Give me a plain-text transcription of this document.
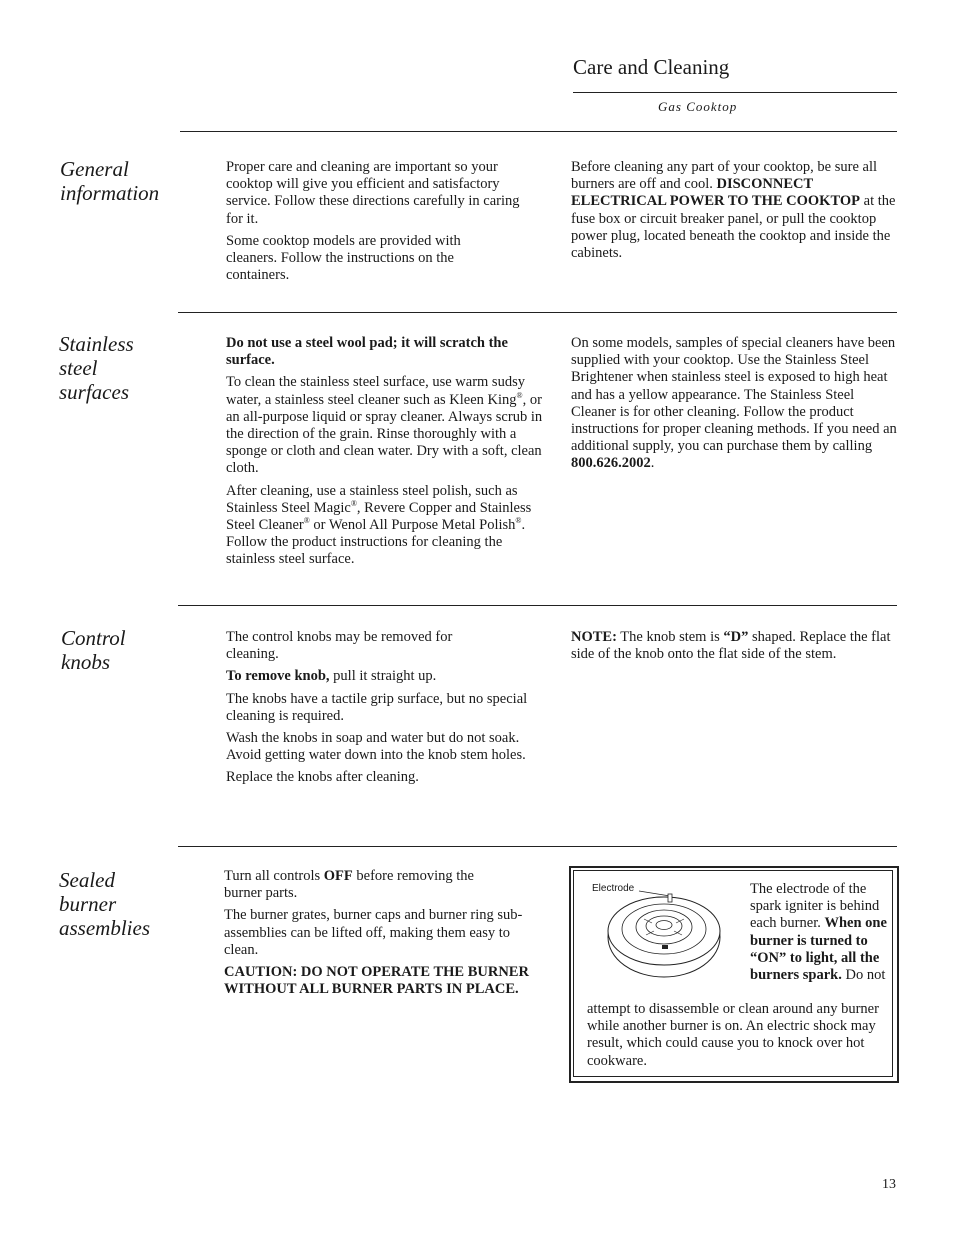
Care and Cleaning
Gas Cooktop
General
information

Proper care and cleaning are important so your cooktop will give you efficient and satisfactory service. Follow these directions carefully in caring for it.

Some cooktop models are provided with cleaners. Follow the instructions on the containers.

Before cleaning any part of your cooktop, be sure all burners are off and cool. DISCONNECT ELECTRICAL POWER TO THE COOKTOP at the fuse box or circuit breaker panel, or pull the cooktop power plug, located beneath the cooktop and inside the cabinets.

Stainless
steel
surfaces

Do not use a steel wool pad; it will scratch the surface.

To clean the stainless steel surface, use warm sudsy water, a stainless steel cleaner such as Kleen King®, or an all-purpose liquid or spray cleaner. Always scrub in the direction of the grain. Rinse thoroughly with a sponge or cloth and clean water. Dry with a soft, clean cloth.

After cleaning, use a stainless steel polish, such as Stainless Steel Magic®, Revere Copper and Stainless Steel Cleaner® or Wenol All Purpose Metal Polish®. Follow the product instructions for cleaning the stainless steel surface.

On some models, samples of special cleaners have been supplied with your cooktop. Use the Stainless Steel Brightener when stainless steel is exposed to high heat and has a yellow appearance. The Stainless Steel Cleaner is for other cleaning. Follow the product instructions for proper cleaning methods. If you need an additional supply, you can purchase them by calling 800.626.2002.

Control
knobs

The control knobs may be removed for cleaning.

To remove knob, pull it straight up.

The knobs have a tactile grip surface, but no special cleaning is required.

Wash the knobs in soap and water but do not soak. Avoid getting water down into the knob stem holes.

Replace the knobs after cleaning.

NOTE: The knob stem is “D” shaped. Replace the flat side of the knob onto the flat side of the stem.

Sealed
burner
assemblies

Turn all controls OFF before removing the burner parts.

The burner grates, burner caps and burner ring sub-assemblies can be lifted off, making them easy to clean.

CAUTION: DO NOT OPERATE THE BURNER WITHOUT ALL BURNER PARTS IN PLACE.

Electrode	The electrode of the spark igniter is behind each burner. When one burner is turned to “ON” to light, all the burners spark. Do not
attempt to disassemble or clean around any burner while another burner is on. An electric shock may result, which could cause you to knock over hot cookware.
13
